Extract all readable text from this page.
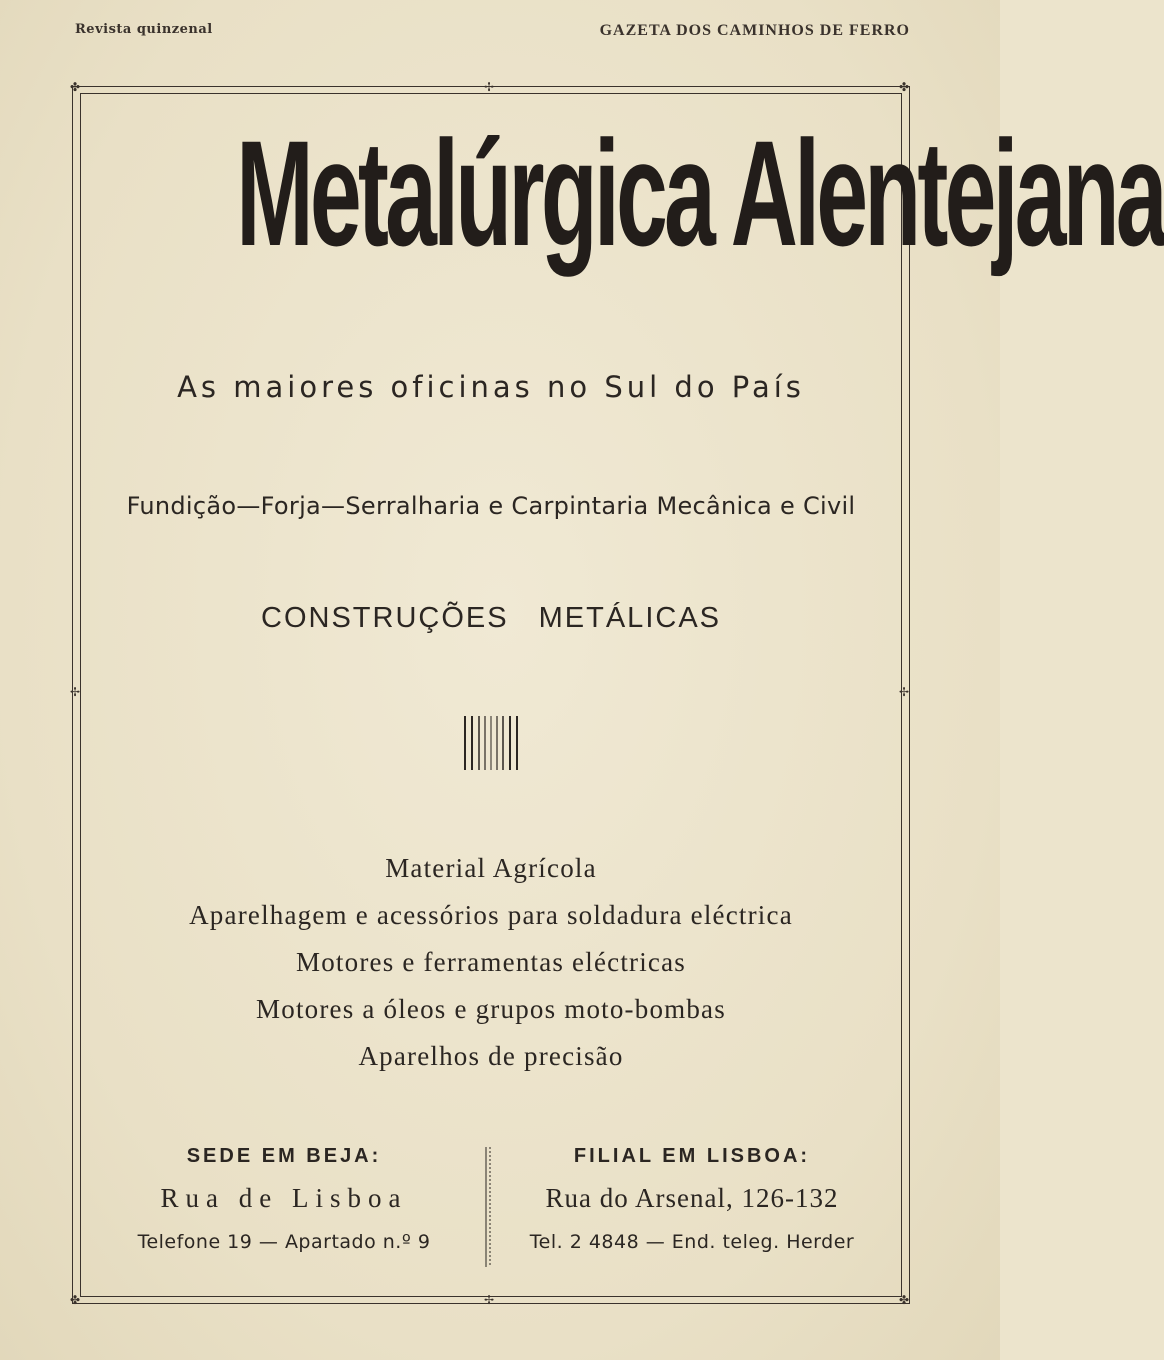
Revista quinzenal	GAZETA DOS CAMINHOS DE FERRO
✤	✤
✤	✤
✢
✢
✢	✢
Metalúrgica Alentejana
As maiores oficinas no Sul do País
Fundição—Forja—Serralharia e Carpintaria Mecânica e Civil
CONSTRUÇÕES METÁLICAS
Material Agrícola
Aparelhagem e acessórios para soldadura eléctrica
Motores e ferramentas eléctricas
Motores a óleos e grupos moto-bombas
Aparelhos de precisão
SEDE EM BEJA:
Rua de Lisboa
Telefone 19 — Apartado n.º 9
FILIAL EM LISBOA:
Rua do Arsenal, 126-132
Tel. 2 4848 — End. teleg. Herder
